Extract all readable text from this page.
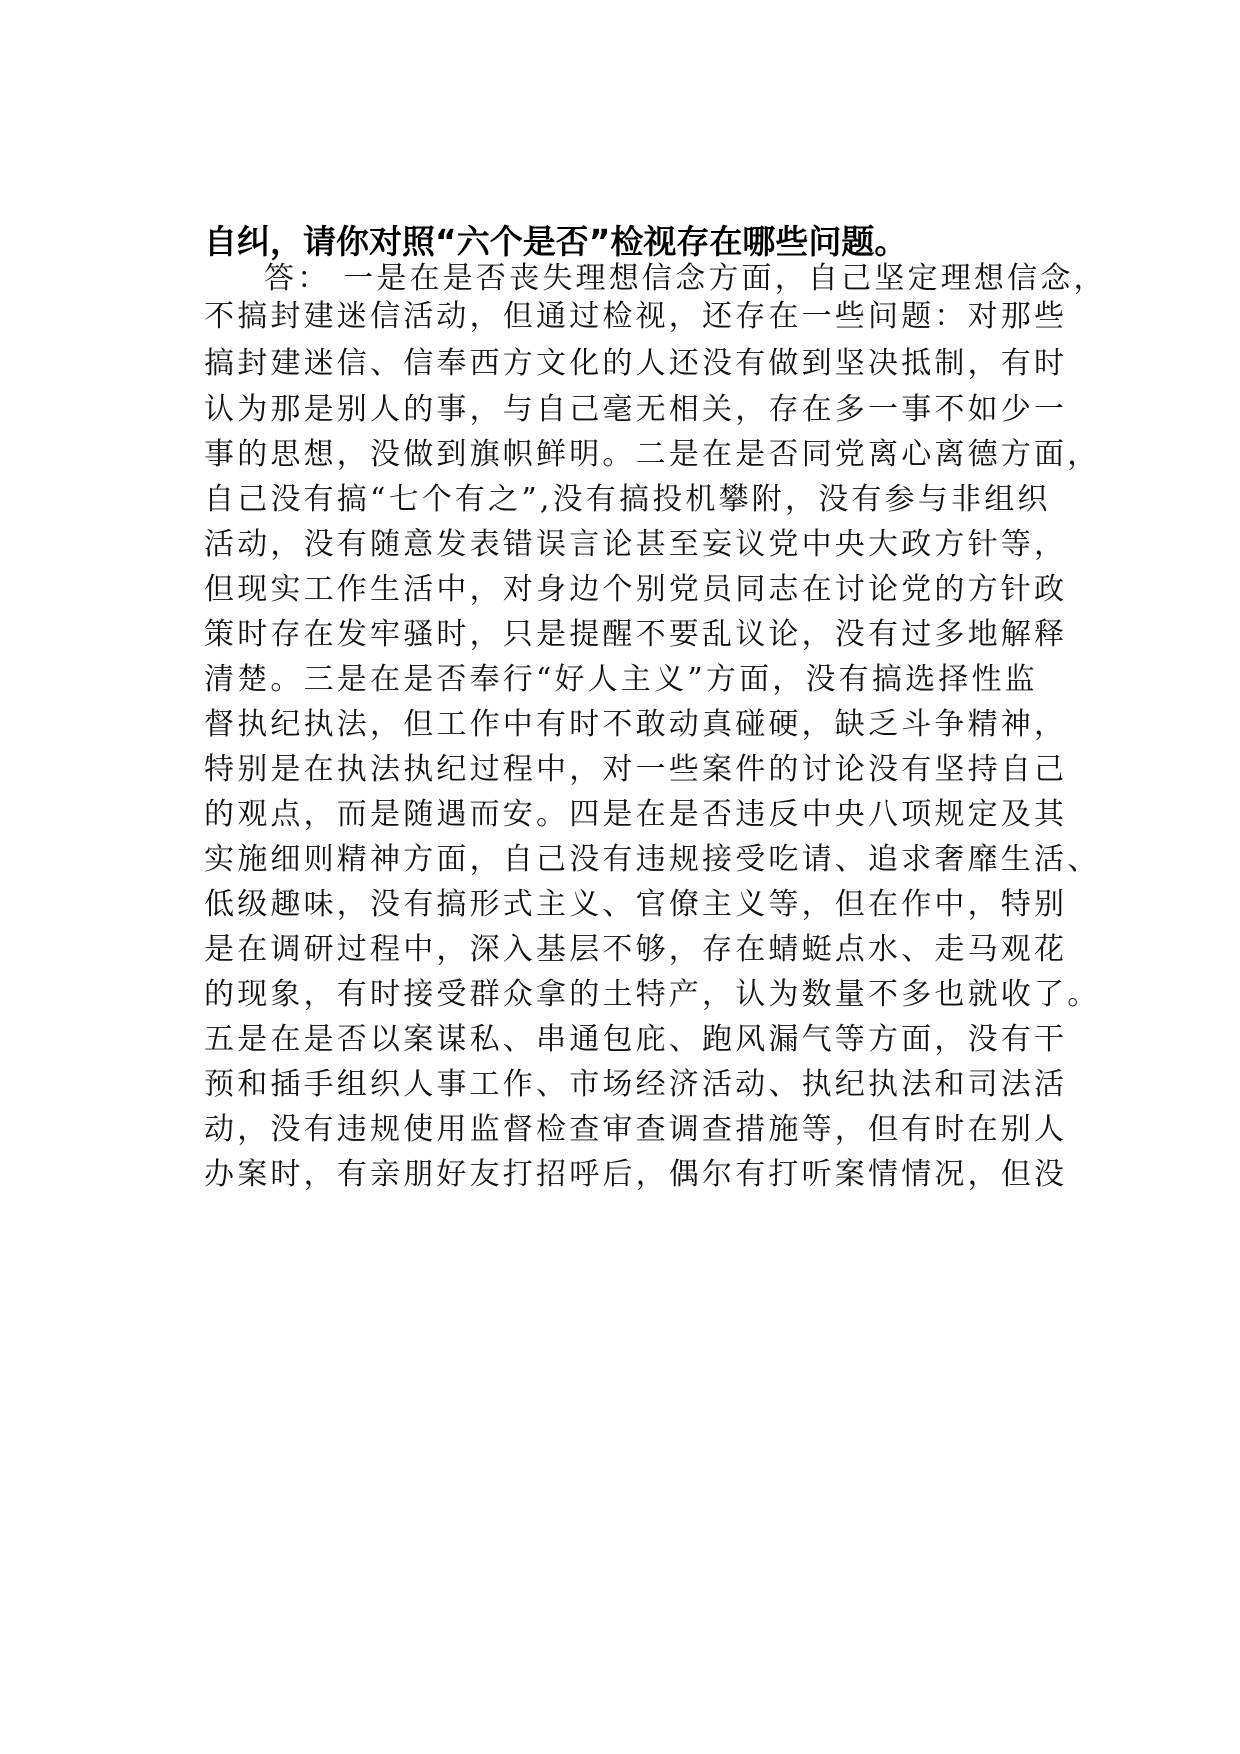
自纠，请你对照“六个是否”检视存在哪些问题。
答： 一是在是否丧失理想信念方面，自己坚定理想信念，
不搞封建迷信活动，但通过检视，还存在一些问题：对那些
搞封建迷信、信奉西方文化的人还没有做到坚决抵制，有时
认为那是别人的事，与自己毫无相关，存在多一事不如少一
事的思想，没做到旗帜鲜明。二是在是否同党离心离德方面，
自己没有搞“七个有之”,没有搞投机攀附，没有参与非组织
活动，没有随意发表错误言论甚至妄议党中央大政方针等，
但现实工作生活中，对身边个别党员同志在讨论党的方针政
策时存在发牢骚时，只是提醒不要乱议论，没有过多地解释
清楚。三是在是否奉行“好人主义”方面，没有搞选择性监
督执纪执法，但工作中有时不敢动真碰硬，缺乏斗争精神，
特别是在执法执纪过程中，对一些案件的讨论没有坚持自己
的观点，而是随遇而安。四是在是否违反中央八项规定及其
实施细则精神方面，自己没有违规接受吃请、追求奢靡生活、
低级趣味，没有搞形式主义、官僚主义等，但在作中，特别
是在调研过程中，深入基层不够，存在蜻蜓点水、走马观花
的现象，有时接受群众拿的土特产，认为数量不多也就收了。
五是在是否以案谋私、串通包庇、跑风漏气等方面，没有干
预和插手组织人事工作、市场经济活动、执纪执法和司法活
动，没有违规使用监督检查审查调查措施等，但有时在别人
办案时，有亲朋好友打招呼后，偶尔有打听案情情况，但没
